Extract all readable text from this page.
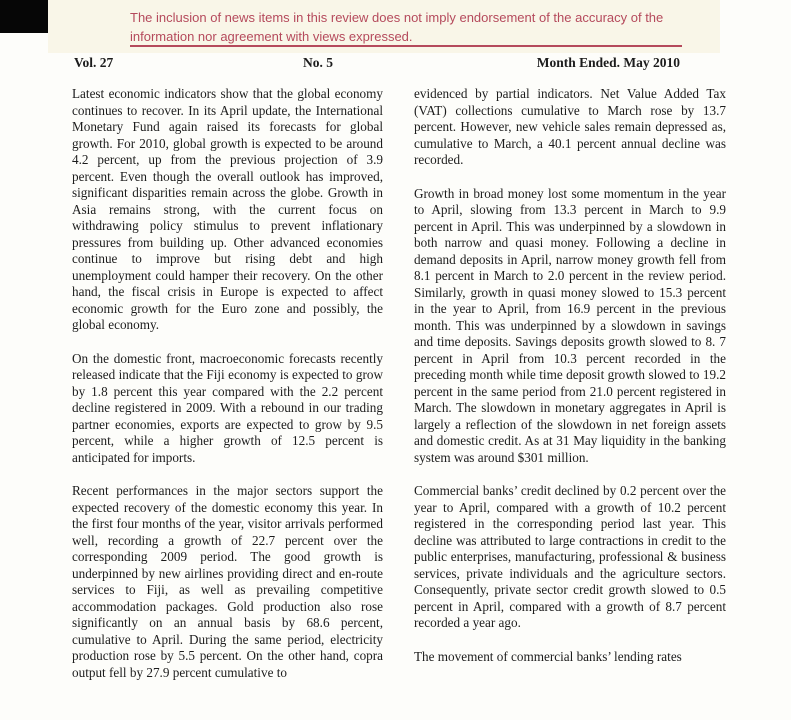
The inclusion of news items in this review does not imply endorsement of the accuracy of the information nor agreement with views expressed.

Vol. 27	No. 5	Month Ended. May 2010

Latest economic indicators show that the global economy continues to recover. In its April update, the International Monetary Fund again raised its forecasts for global growth. For 2010, global growth is expected to be around 4.2 percent, up from the previous projection of 3.9 percent. Even though the overall outlook has improved, significant disparities remain across the globe. Growth in Asia remains strong, with the current focus on withdrawing policy stimulus to prevent inflationary pressures from building up. Other advanced economies continue to improve but rising debt and high unemployment could hamper their recovery. On the other hand, the fiscal crisis in Europe is expected to affect economic growth for the Euro zone and possibly, the global economy.

On the domestic front, macroeconomic forecasts recently released indicate that the Fiji economy is expected to grow by 1.8 percent this year compared with the 2.2 percent decline registered in 2009. With a rebound in our trading partner economies, exports are expected to grow by 9.5 percent, while a higher growth of 12.5 percent is anticipated for imports.

Recent performances in the major sectors support the expected recovery of the domestic economy this year. In the first four months of the year, visitor arrivals performed well, recording a growth of 22.7 percent over the corresponding 2009 period. The good growth is underpinned by new airlines providing direct and en-route services to Fiji, as well as prevailing competitive accommodation packages. Gold production also rose significantly on an annual basis by 68.6 percent, cumulative to April. During the same period, electricity production rose by 5.5 percent. On the other hand, copra output fell by 27.9 percent cumulative to

evidenced by partial indicators. Net Value Added Tax (VAT) collections cumulative to March rose by 13.7 percent. However, new vehicle sales remain depressed as, cumulative to March, a 40.1 percent annual decline was recorded.

Growth in broad money lost some momentum in the year to April, slowing from 13.3 percent in March to 9.9 percent in April. This was underpinned by a slowdown in both narrow and quasi money. Following a decline in demand deposits in April, narrow money growth fell from 8.1 percent in March to 2.0 percent in the review period. Similarly, growth in quasi money slowed to 15.3 percent in the year to April, from 16.9 percent in the previous month. This was underpinned by a slowdown in savings and time deposits. Savings deposits growth slowed to 8. 7 percent in April from 10.3 percent recorded in the preceding month while time deposit growth slowed to 19.2 percent in the same period from 21.0 percent registered in March. The slowdown in monetary aggregates in April is largely a reflection of the slowdown in net foreign assets and domestic credit. As at 31 May liquidity in the banking system was around $301 million.

Commercial banks’ credit declined by 0.2 percent over the year to April, compared with a growth of 10.2 percent registered in the corresponding period last year. This decline was attributed to large contractions in credit to the public enterprises, manufacturing, professional & business services, private individuals and the agriculture sectors. Consequently, private sector credit growth slowed to 0.5 percent in April, compared with a growth of 8.7 percent recorded a year ago.

The movement of commercial banks’ lending rates
